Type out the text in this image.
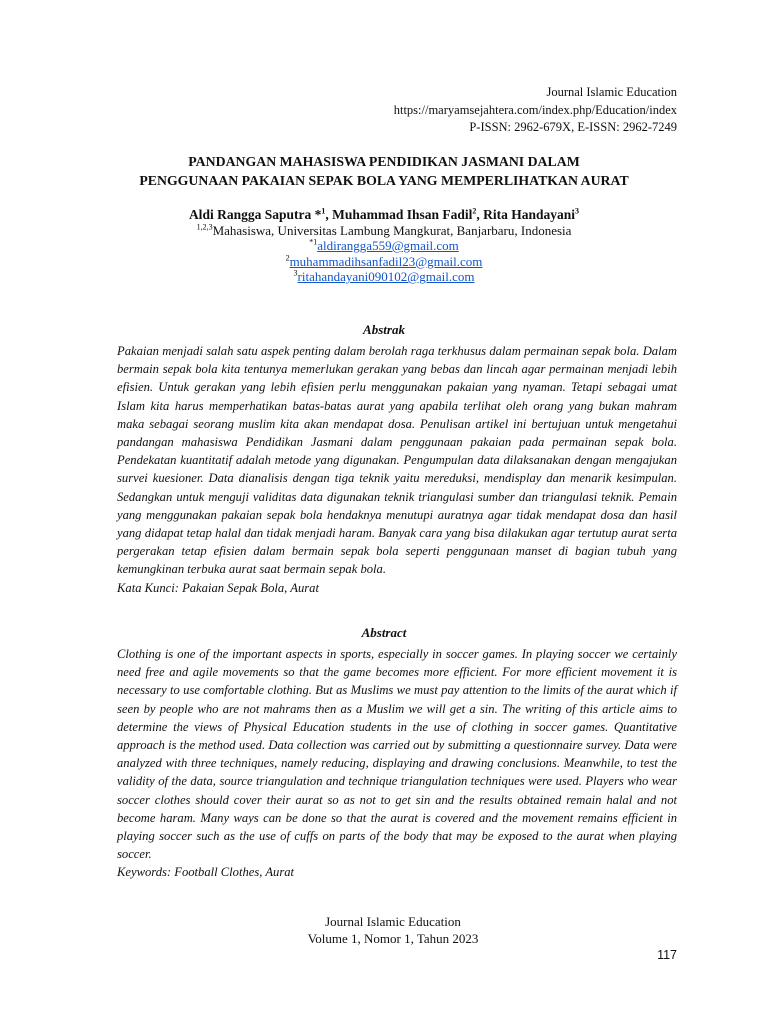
Journal Islamic Education
https://maryamsejahtera.com/index.php/Education/index
P-ISSN: 2962-679X, E-ISSN: 2962-7249
PANDANGAN MAHASISWA PENDIDIKAN JASMANI DALAM
PENGGUNAAN PAKAIAN SEPAK BOLA YANG MEMPERLIHATKAN AURAT
Aldi Rangga Saputra *$^1$, Muhammad Ihsan Fadil$^2$, Rita Handayani$^3$
$^{1,2,3}$Mahasiswa, Universitas Lambung Mangkurat, Banjarbaru, Indonesia
$^{*1}$aldirangga559@gmail.com
$^2$muhammadihsanfadil23@gmail.com
$^3$ritahandayani090102@gmail.com
Abstrak

Pakaian menjadi salah satu aspek penting dalam berolah raga terkhusus dalam permainan sepak bola. Dalam bermain sepak bola kita tentunya memerlukan gerakan yang bebas dan lincah agar permainan menjadi lebih efisien. Untuk gerakan yang lebih efisien perlu menggunakan pakaian yang nyaman. Tetapi sebagai umat Islam kita harus memperhatikan batas-batas aurat yang apabila terlihat oleh orang yang bukan mahram maka sebagai seorang muslim kita akan mendapat dosa. Penulisan artikel ini bertujuan untuk mengetahui pandangan mahasiswa Pendidikan Jasmani dalam penggunaan pakaian pada permainan sepak bola. Pendekatan kuantitatif adalah metode yang digunakan. Pengumpulan data dilaksanakan dengan mengajukan survei kuesioner. Data dianalisis dengan tiga teknik yaitu mereduksi, mendisplay dan menarik kesimpulan. Sedangkan untuk menguji validitas data digunakan teknik triangulasi sumber dan triangulasi teknik. Pemain yang menggunakan pakaian sepak bola hendaknya menutupi auratnya agar tidak mendapat dosa dan hasil yang didapat tetap halal dan tidak menjadi haram. Banyak cara yang bisa dilakukan agar tertutup aurat serta pergerakan tetap efisien dalam bermain sepak bola seperti penggunaan manset di bagian tubuh yang kemungkinan terbuka aurat saat bermain sepak bola.

Kata Kunci: Pakaian Sepak Bola, Aurat

Abstract

Clothing is one of the important aspects in sports, especially in soccer games. In playing soccer we certainly need free and agile movements so that the game becomes more efficient. For more efficient movement it is necessary to use comfortable clothing. But as Muslims we must pay attention to the limits of the aurat which if seen by people who are not mahrams then as a Muslim we will get a sin. The writing of this article aims to determine the views of Physical Education students in the use of clothing in soccer games. Quantitative approach is the method used. Data collection was carried out by submitting a questionnaire survey. Data were analyzed with three techniques, namely reducing, displaying and drawing conclusions. Meanwhile, to test the validity of the data, source triangulation and technique triangulation techniques were used. Players who wear soccer clothes should cover their aurat so as not to get sin and the results obtained remain halal and not become haram. Many ways can be done so that the aurat is covered and the movement remains efficient in playing soccer such as the use of cuffs on parts of the body that may be exposed to the aurat when playing soccer.

Keywords: Football Clothes, Aurat

Journal Islamic Education
Volume 1, Nomor 1, Tahun 2023
117
